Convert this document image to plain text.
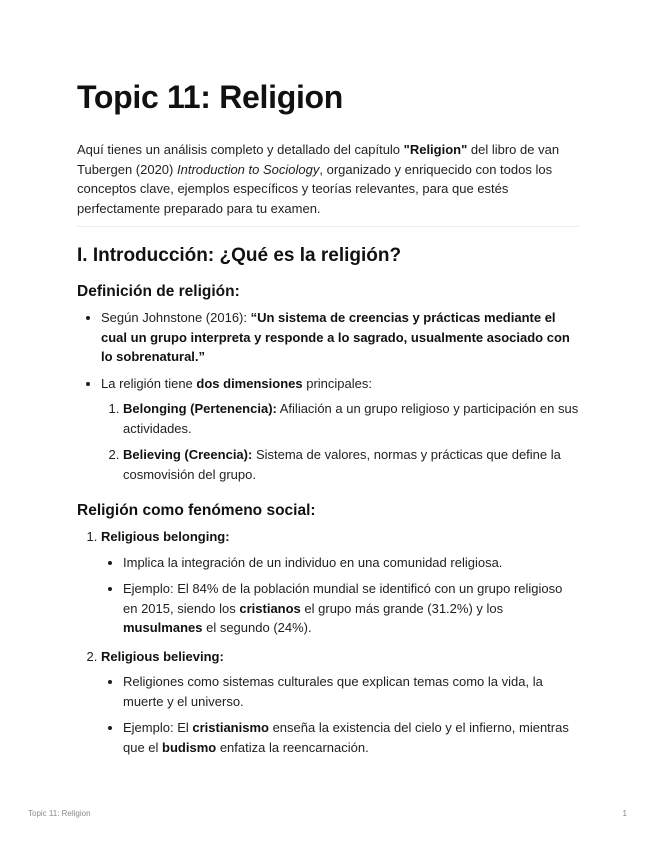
Topic 11: Religion

Aquí tienes un análisis completo y detallado del capítulo "Religion" del libro de van Tubergen (2020) Introduction to Sociology, organizado y enriquecido con todos los conceptos clave, ejemplos específicos y teorías relevantes, para que estés perfectamente preparado para tu examen.

I. Introducción: ¿Qué es la religión?
Definición de religión:
• Según Johnstone (2016): “Un sistema de creencias y prácticas mediante el cual un grupo interpreta y responde a lo sagrado, usualmente asociado con lo sobrenatural.”
• La religión tiene dos dimensiones principales:
1. Belonging (Pertenencia): Afiliación a un grupo religioso y participación en sus actividades.
2. Believing (Creencia): Sistema de valores, normas y prácticas que define la cosmovisión del grupo.
Religión como fenómeno social:
1. Religious belonging:
• Implica la integración de un individuo en una comunidad religiosa.
• Ejemplo: El 84% de la población mundial se identificó con un grupo religioso en 2015, siendo los cristianos el grupo más grande (31.2%) y los musulmanes el segundo (24%).
2. Religious believing:
• Religiones como sistemas culturales que explican temas como la vida, la muerte y el universo.
• Ejemplo: El cristianismo enseña la existencia del cielo y el infierno, mientras que el budismo enfatiza la reencarnación.
Topic 11: Religion	1
